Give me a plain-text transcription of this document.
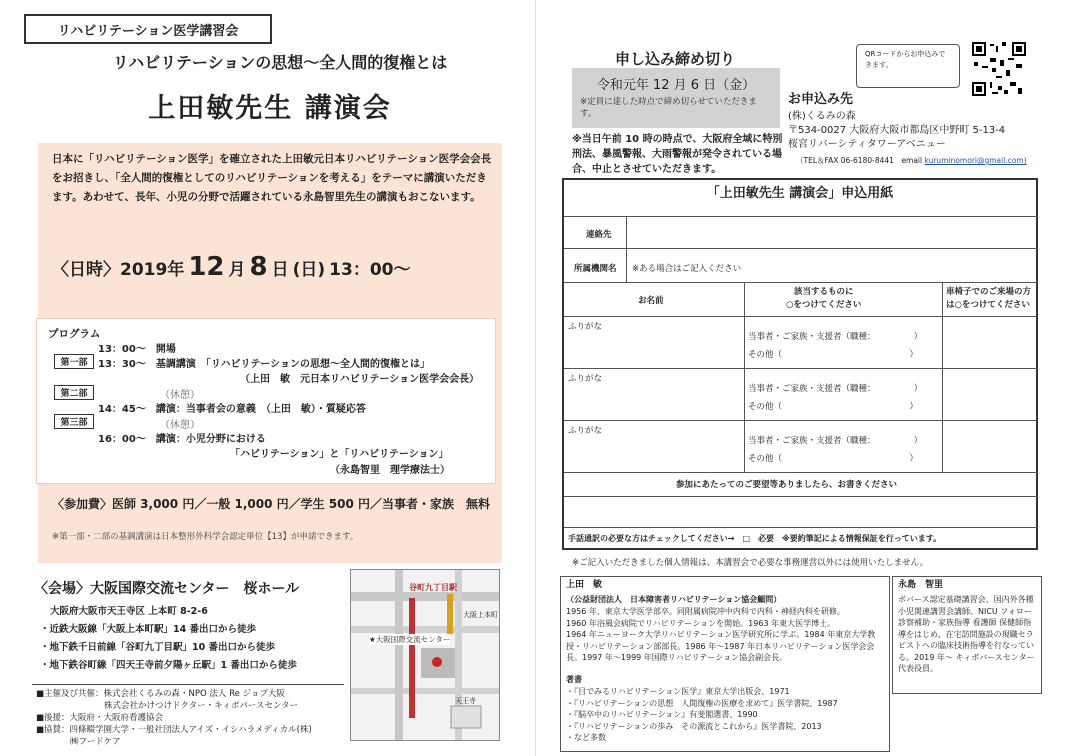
リハビリテーション医学講習会
リハビリテーションの思想〜全人間的復権とは
上田敏先生 講演会
日本に「リハビリテーション医学」を確立された上田敏元日本リハビリテーション医学会会長をお招きし、「全人間的復権としてのリハビリテーションを考える」をテーマに講演いただきます。あわせて、長年、小児の分野で活躍されている永島智里先生の講演もおこないます。
〈日時〉2019年 12 月 8 日 (日) 13：00〜
プログラム
第一部
第二部
第三部
13：00〜　 開場
13：30〜　 基調講演　「リハビリテーションの思想〜全人間的復権とは」
（上田　敏　元日本リハビリテーション医学会会長）
（休憩）
14：45〜　 講演：当事者会の意義　（上田　敏）・質疑応答
（休憩）
16：00〜　 講演：小児分野における
「ハビリテーション」と「リハビリテーション」
（永島智里　理学療法士）
〈参加費〉医師 3,000 円／一般 1,000 円／学生 500 円／当事者・家族　無料
※第一部・二部の基調講演は日本整形外科学会認定単位【13】が申請できます。
〈会場〉大阪国際交流センター　桜ホール
大阪府大阪市天王寺区 上本町 8-2-6
・近鉄大阪線「大阪上本町駅」14 番出口から徒歩
・地下鉄千日前線「谷町九丁目駅」10 番出口から徒歩
・地下鉄谷町線「四天王寺前夕陽ヶ丘駅」1 番出口から徒歩
谷町九丁目駅
大阪上本町
★大阪国際交流センター
天王寺
■主催及び共催：株式会社くるみの森・NPO 法人 Re ジョブ大阪
　　　　　　　　株式会社かけつけドクター・キィボパースセンター
■後援：大阪府・大阪府看護協会
■協賛：四條畷学園大学・一般社団法人アイズ・イシハラメディカル(株)
　　　　㈱フードケア
申し込み締め切り
令和元年 12 月 6 日（金）
※定員に達した時点で締め切らせていただきます。
※当日午前 10 時の時点で、大阪府全域に特別刑法、暴風警報、大雨警報が発令されている場合、中止とさせていただきます。
QRコードからお申込みできます。
お申込み先
(株)くるみの森
〒534-0027 大阪府大阪市都島区中野町 5-13-4
桜宮リバーシティタワーアベニュー
（TEL＆FAX 06-6180-8441　email kuruminomori@gmail.com)
「上田敏先生 講演会」申込用紙
連絡先
所属機関名 ※ある場合はご記入ください
お名前
該当するものに
○をつけてください
車椅子でのご来場の方は○をつけてください
ふりがな
当事者・ご家族・支援者（職種：　　　　　）
その他（　　　　　　　　　　　　　　　）
ふりがな
当事者・ご家族・支援者（職種：　　　　　）
その他（　　　　　　　　　　　　　　　）
ふりがな
当事者・ご家族・支援者（職種：　　　　　）
その他（　　　　　　　　　　　　　　　）
参加にあたってのご要望等ありましたら、お書きください
手話通訳の必要な方はチェックしてください→　□　必要　※要約筆記による情報保証を行っています。
※ご記入いただきました個人情報は、本講習会で必要な事務運営以外には使用いたしません。
上田　敏
（公益財団法人　日本障害者リハビリテーション協会顧問）
1956 年、東京大学医学部卒。同附属病院冲中内科で内科・神経内科を研修。
1960 年浴風会病院でリハビリテーションを開始。1963 年東大医学博士。
1964 年ニューヨーク大学リハビリテーション医学研究所に学ぶ。1984 年東京大学教授・リハビリテーション部部長。1986 年〜1987 年日本リハビリテーション医学会会長。1997 年〜1999 年国際リハビリテーション協会副会長。
著書
・『目でみるリハビリテーション医学』東京大学出版会、1971
・『リハビリテーションの思想　人間復権の医療を求めて』医学書院、1987
・『脳卒中のリハビリテーション』有斐閣選書、1990
・『リハビリテーションの歩み　その源流とこれから』医学書院、2013
・など多数
永島　智里
ボバース認定基礎講習会、国内外各種 小児関連講習会講師。NICU フォロー診察補助・家族指導 看護師 保健師指導をはじめ、在宅訪問施設の現職セラピストへの臨床技術指導を行なっている。2019 年〜 キィボバースセンター代表役員。
